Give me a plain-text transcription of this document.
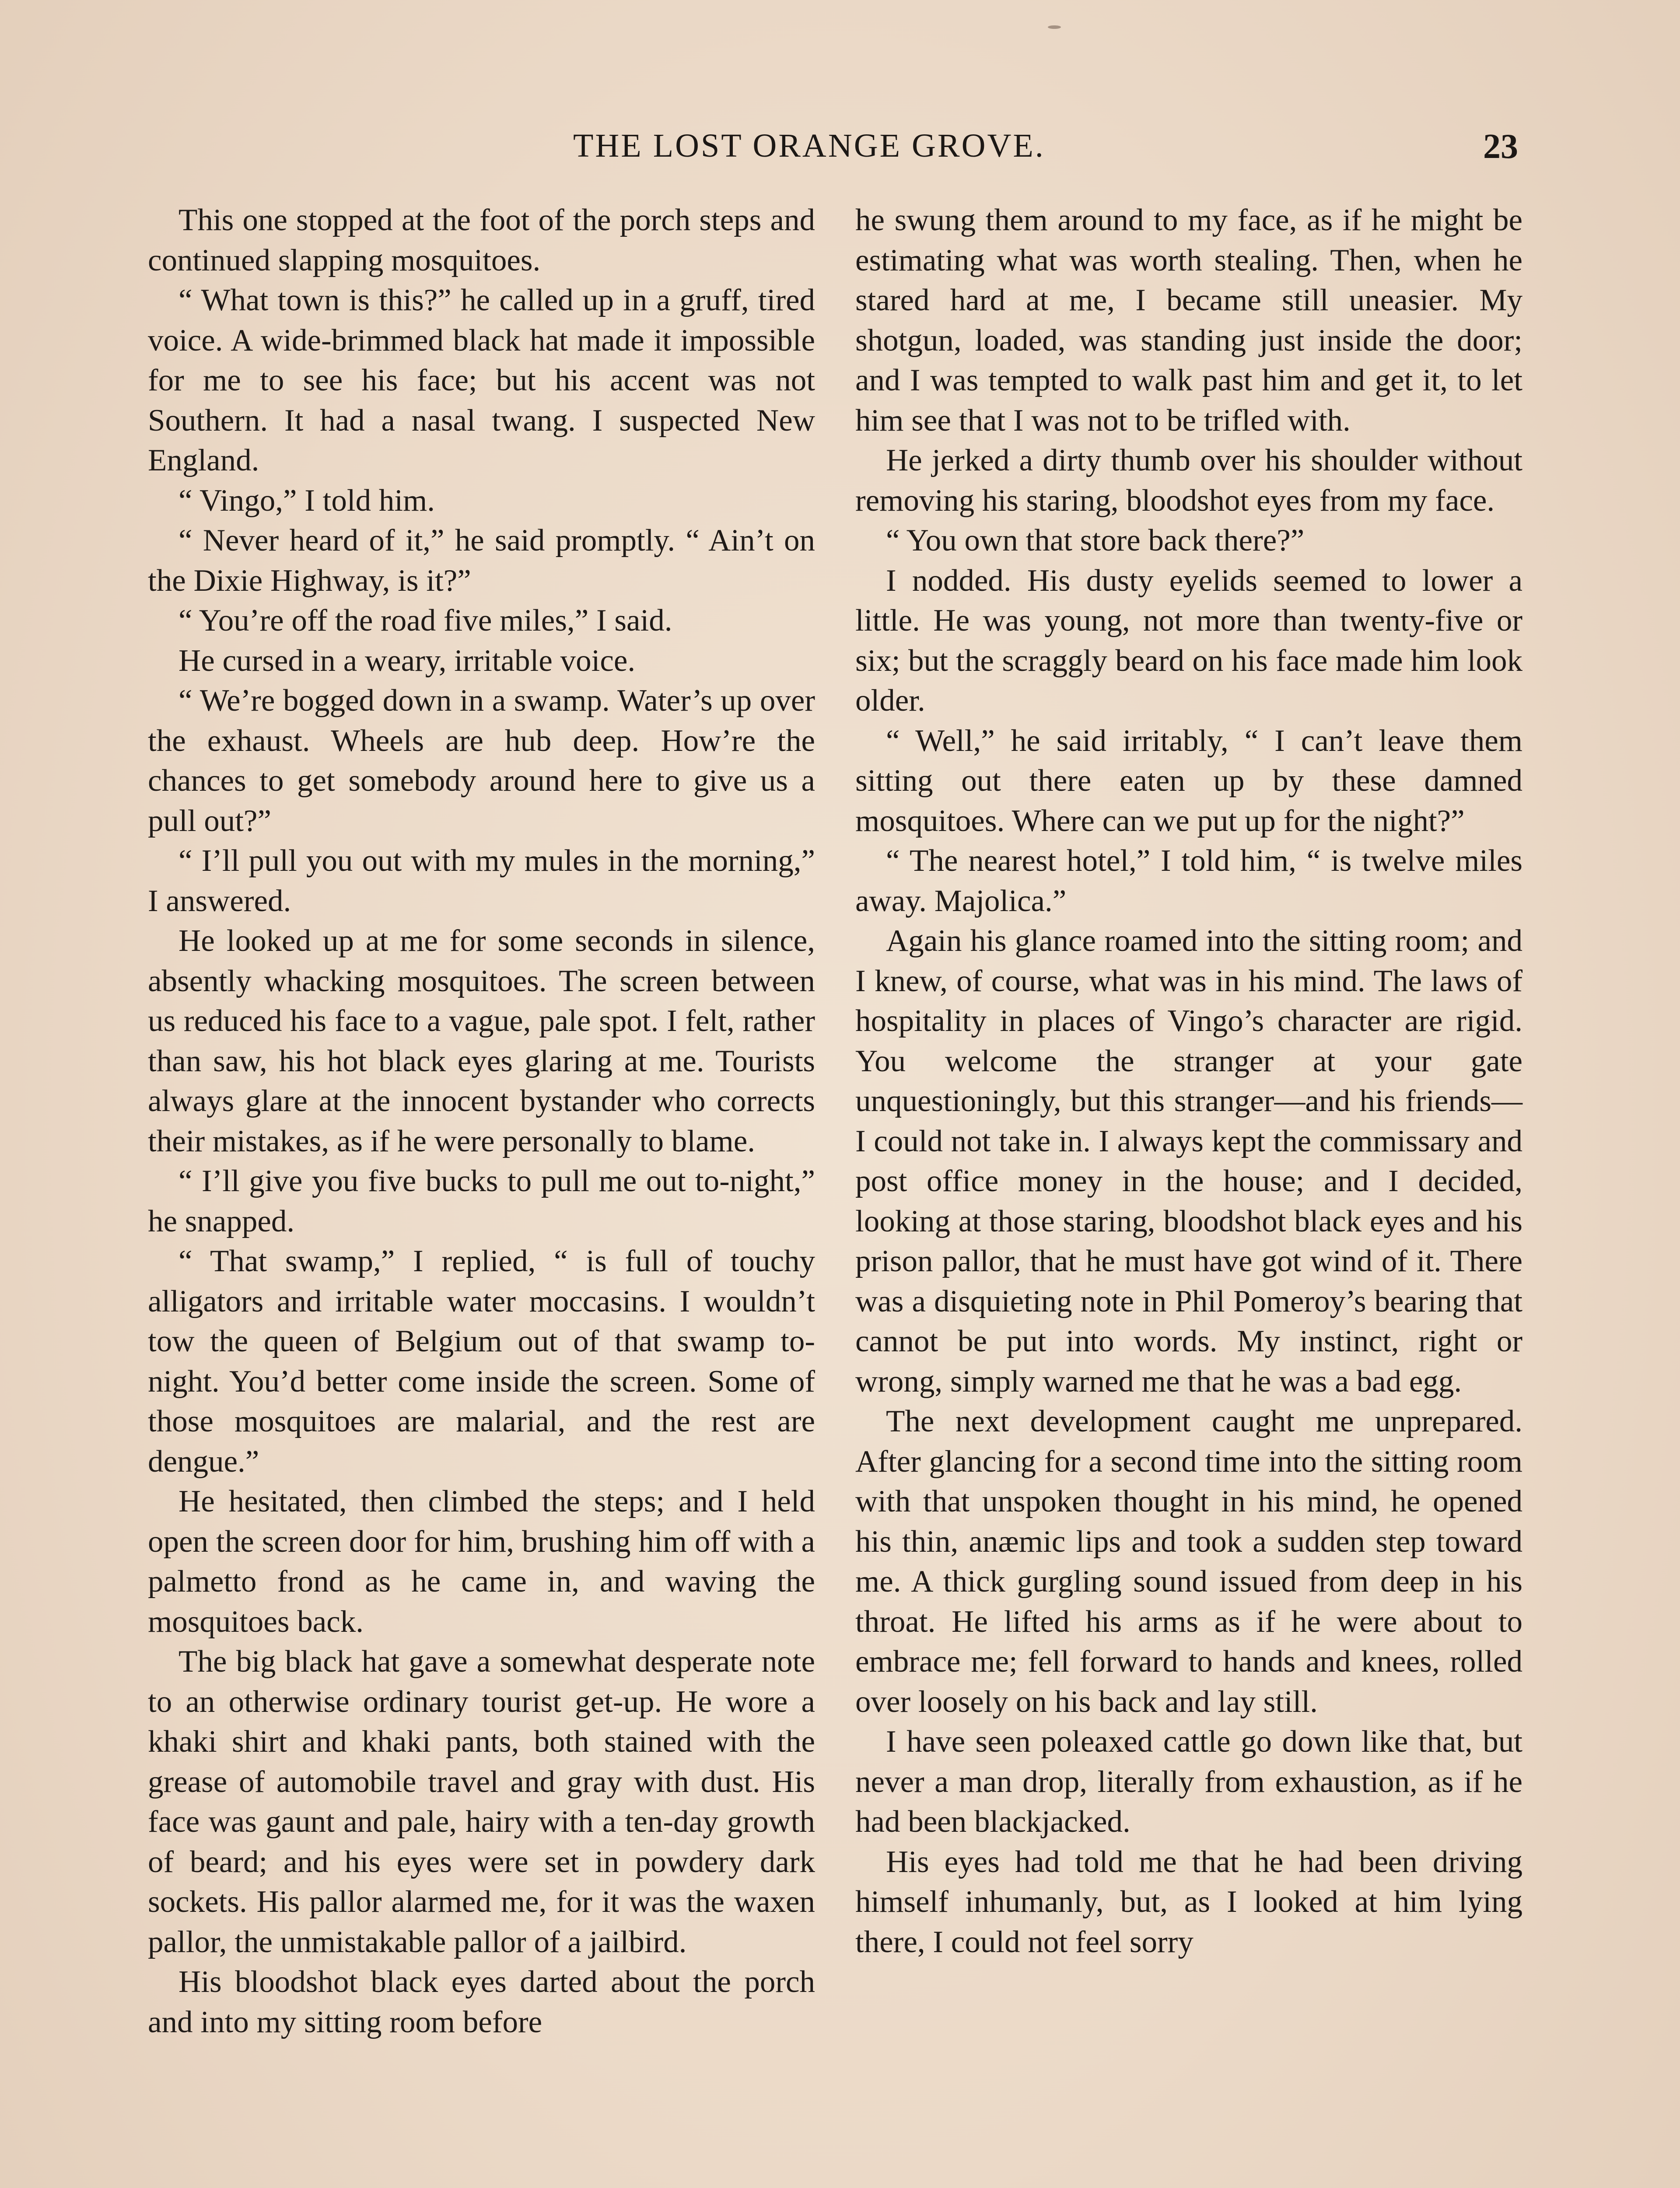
THE LOST ORANGE GROVE.	23

This one stopped at the foot of the porch steps and continued slapping mosquitoes.

“ What town is this?” he called up in a gruff, tired voice. A wide-brimmed black hat made it impossible for me to see his face; but his accent was not Southern. It had a nasal twang. I suspected New England.

“ Vingo,” I told him.

“ Never heard of it,” he said promptly. “ Ain’t on the Dixie Highway, is it?”

“ You’re off the road five miles,” I said.

He cursed in a weary, irritable voice.

“ We’re bogged down in a swamp. Water’s up over the exhaust. Wheels are hub deep. How’re the chances to get somebody around here to give us a pull out?”

“ I’ll pull you out with my mules in the morning,” I answered.

He looked up at me for some seconds in silence, absently whacking mosquitoes. The screen between us reduced his face to a vague, pale spot. I felt, rather than saw, his hot black eyes glaring at me. Tourists always glare at the innocent bystander who corrects their mistakes, as if he were personally to blame.

“ I’ll give you five bucks to pull me out to-night,” he snapped.

“ That swamp,” I replied, “ is full of touchy alligators and irritable water moccasins. I wouldn’t tow the queen of Belgium out of that swamp to-night. You’d better come inside the screen. Some of those mosquitoes are malarial, and the rest are dengue.”

He hesitated, then climbed the steps; and I held open the screen door for him, brushing him off with a palmetto frond as he came in, and waving the mosquitoes back.

The big black hat gave a somewhat desperate note to an otherwise ordinary tourist get-up. He wore a khaki shirt and khaki pants, both stained with the grease of automobile travel and gray with dust. His face was gaunt and pale, hairy with a ten-day growth of beard; and his eyes were set in powdery dark sockets. His pallor alarmed me, for it was the waxen pallor, the unmistakable pallor of a jailbird.

His bloodshot black eyes darted about the porch and into my sitting room before

he swung them around to my face, as if he might be estimating what was worth stealing. Then, when he stared hard at me, I became still uneasier. My shotgun, loaded, was standing just inside the door; and I was tempted to walk past him and get it, to let him see that I was not to be trifled with.

He jerked a dirty thumb over his shoulder without removing his staring, bloodshot eyes from my face.

“ You own that store back there?”

I nodded. His dusty eyelids seemed to lower a little. He was young, not more than twenty-five or six; but the scraggly beard on his face made him look older.

“ Well,” he said irritably, “ I can’t leave them sitting out there eaten up by these damned mosquitoes. Where can we put up for the night?”

“ The nearest hotel,” I told him, “ is twelve miles away. Majolica.”

Again his glance roamed into the sitting room; and I knew, of course, what was in his mind. The laws of hospitality in places of Vingo’s character are rigid. You welcome the stranger at your gate unquestioningly, but this stranger—and his friends—I could not take in. I always kept the commissary and post office money in the house; and I decided, looking at those staring, bloodshot black eyes and his prison pallor, that he must have got wind of it. There was a disquieting note in Phil Pomeroy’s bearing that cannot be put into words. My instinct, right or wrong, simply warned me that he was a bad egg.

The next development caught me unprepared. After glancing for a second time into the sitting room with that unspoken thought in his mind, he opened his thin, anæmic lips and took a sudden step toward me. A thick gurgling sound issued from deep in his throat. He lifted his arms as if he were about to embrace me; fell forward to hands and knees, rolled over loosely on his back and lay still.

I have seen poleaxed cattle go down like that, but never a man drop, literally from exhaustion, as if he had been blackjacked.

His eyes had told me that he had been driving himself inhumanly, but, as I looked at him lying there, I could not feel sorry
